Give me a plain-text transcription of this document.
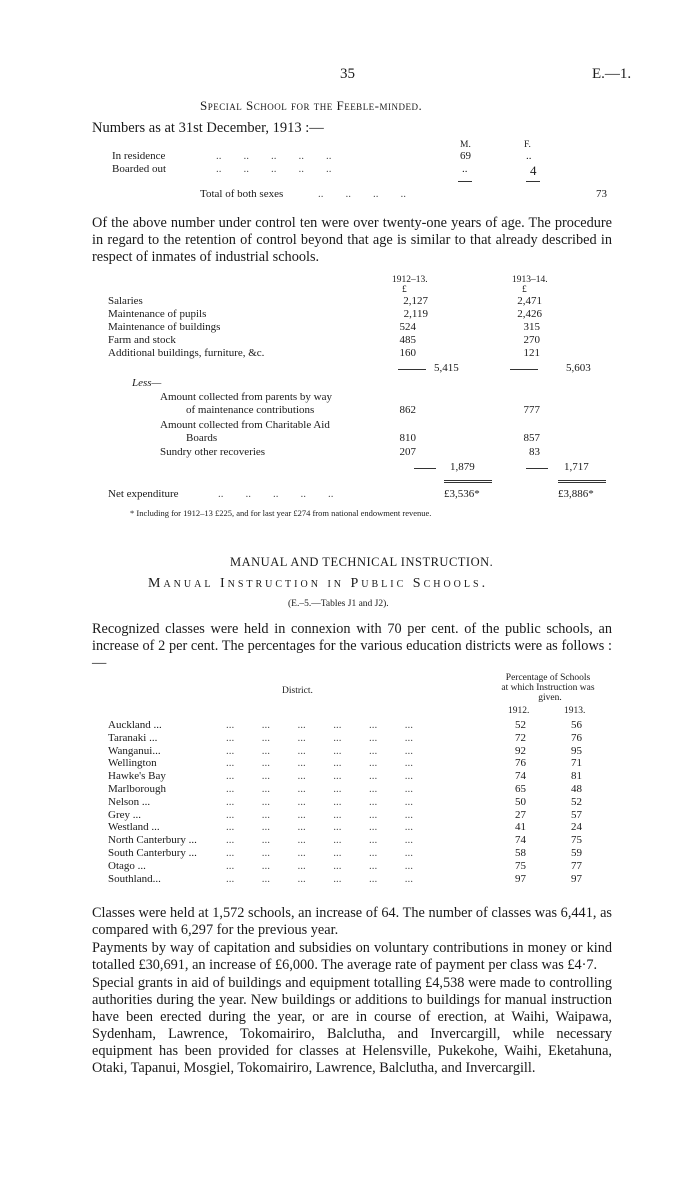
35	E.—1.
Special School for the Feeble-minded.
Numbers as at 31st December, 1913 :—
M.	F.
In residence	..        ..        ..        ..        ..	69	..
Boarded out	..        ..        ..        ..        ..	..	4
Total of both sexes	..        ..        ..        ..	73
Of the above number under control ten were over twenty-one years of age. The procedure in regard to the retention of control beyond that age is similar to that already described in respect of inmates of industrial schools.
1912–13.	1913–14.
£	£
Salaries	2,127	2,471
Maintenance of pupils	2,119	2,426
Maintenance of buildings	524	315
Farm and stock	485	270
Additional buildings, furniture, &c.	160	121
5,415	5,603
Less—
Amount collected from parents by way
of maintenance contributions	862	777
Amount collected from Charitable Aid
Boards	810	857
Sundry other recoveries	207	83
1,879	1,717
Net expenditure	..        ..        ..        ..        ..	£3,536*	£3,886*
* Including for 1912–13 £225, and for last year £274 from national endowment revenue.
MANUAL AND TECHNICAL INSTRUCTION.
Manual Instruction in Public Schools.
(E.–5.—Tables J1 and J2).
Recognized classes were held in connexion with 70 per cent. of the public schools, an increase of 2 per cent. The percentages for the various education districts were as follows :—
Percentage of Schools
at which Instruction was
given.
District.
1912.	1913.
Auckland ...	...          ...          ...          ...          ...          ...	52	56
Taranaki ...	...          ...          ...          ...          ...          ...	72	76
Wanganui...	...          ...          ...          ...          ...          ...	92	95
Wellington	...          ...          ...          ...          ...          ...	76	71
Hawke's Bay	...          ...          ...          ...          ...          ...	74	81
Marlborough	...          ...          ...          ...          ...          ...	65	48
Nelson ...	...          ...          ...          ...          ...          ...	50	52
Grey ...	...          ...          ...          ...          ...          ...	27	57
Westland ...	...          ...          ...          ...          ...          ...	41	24
North Canterbury ...	...          ...          ...          ...          ...          ...	74	75
South Canterbury ...	...          ...          ...          ...          ...          ...	58	59
Otago ...	...          ...          ...          ...          ...          ...	75	77
Southland...	...          ...          ...          ...          ...          ...	97	97
Classes were held at 1,572 schools, an increase of 64. The number of classes was 6,441, as compared with 6,297 for the previous year.
Payments by way of capitation and subsidies on voluntary contributions in money or kind totalled £30,691, an increase of £6,000. The average rate of payment per class was £4·7.
Special grants in aid of buildings and equipment totalling £4,538 were made to controlling authorities during the year. New buildings or additions to buildings for manual instruction have been erected during the year, or are in course of erection, at Waihi, Waipawa, Sydenham, Lawrence, Tokomairiro, Balclutha, and Invercargill, while necessary equipment has been provided for classes at Helensville, Pukekohe, Waihi, Eketahuna, Otaki, Tapanui, Mosgiel, Tokomairiro, Lawrence, Balclutha, and Invercargill.
